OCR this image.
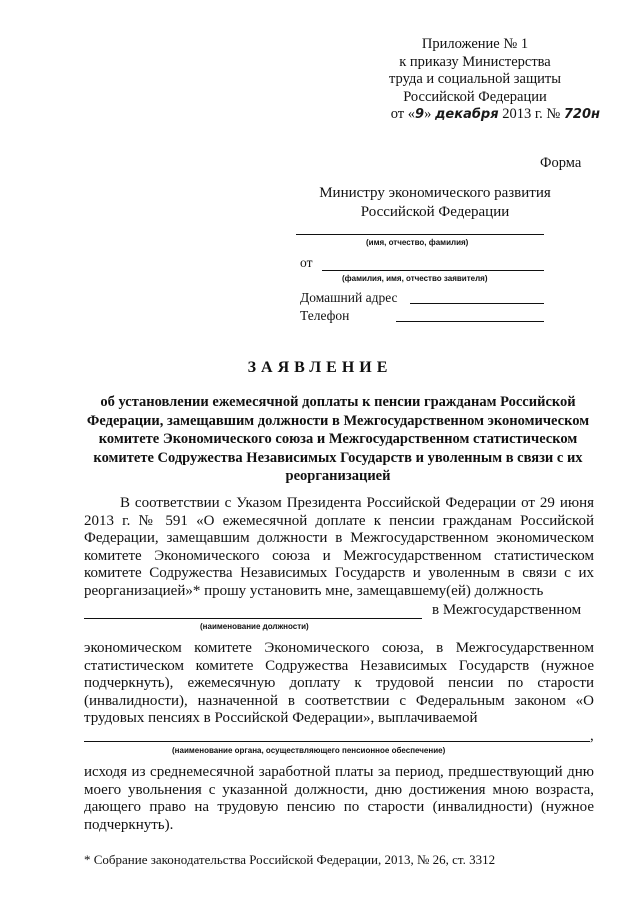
Приложение № 1
к приказу Министерства
труда и социальной защиты
Российской Федерации
от «9» декабря 2013 г. № 720н
Форма
Министру экономического развития
Российской Федерации
(имя, отчество, фамилия)
от
(фамилия, имя, отчество заявителя)
Домашний адрес
Телефон
ЗАЯВЛЕНИЕ
об установлении ежемесячной доплаты к пенсии гражданам Российской Федерации, замещавшим должности в Межгосударственном экономическом комитете Экономического союза и Межгосударственном статистическом комитете Содружества Независимых Государств и уволенным в связи с их реорганизацией
В соответствии с Указом Президента Российской Федерации от 29 июня 2013 г. № 591 «О ежемесячной доплате к пенсии гражданам Российской Федерации, замещавшим должности в Межгосударственном экономическом комитете Экономического союза и Межгосударственном статистическом комитете Содружества Независимых Государств и уволенным в связи с их реорганизацией»* прошу установить мне, замещавшему(ей) должность
в Межгосударственном
(наименование должности)
экономическом комитете Экономического союза, в Межгосударственном статистическом комитете Содружества Независимых Государств (нужное подчеркнуть), ежемесячную доплату к трудовой пенсии по старости (инвалидности), назначенной в соответствии с Федеральным законом «О трудовых пенсиях в Российской Федерации», выплачиваемой
,
(наименование органа, осуществляющего пенсионное обеспечение)
исходя из среднемесячной заработной платы за период, предшествующий дню моего увольнения с указанной должности, дню достижения мною возраста, дающего право на трудовую пенсию по старости (инвалидности) (нужное подчеркнуть).
* Собрание законодательства Российской Федерации, 2013, № 26, ст. 3312
